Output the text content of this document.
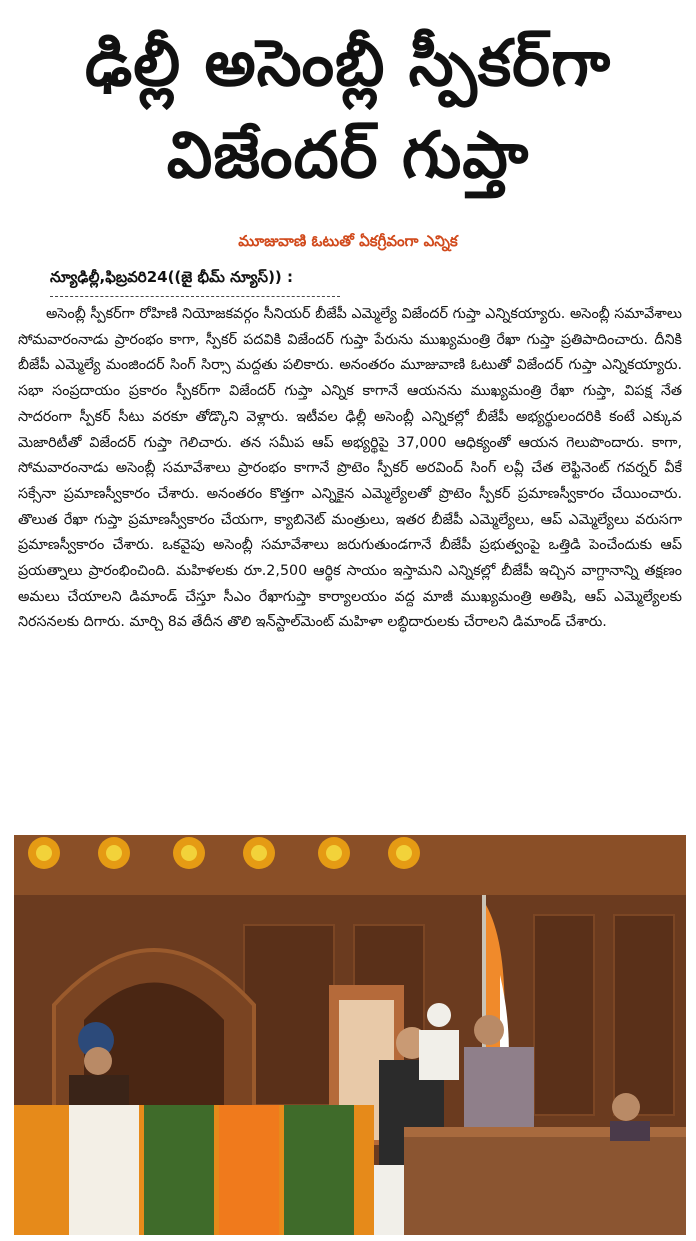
ఢిల్లీ అసెంబ్లీ స్పీకర్‌గా
విజేందర్ గుప్తా
మూజువాణి ఓటుతో ఏకగ్రీవంగా ఎన్నిక
న్యూఢిల్లీ,ఫిబ్రవరి24((జై భీమ్ న్యూస్)) :

అసెంబ్లీ స్పీకర్‌గా రోహిణి నియోజకవర్గం సీనియర్ బీజేపీ ఎమ్మెల్యే విజేందర్ గుప్తా ఎన్నికయ్యారు. అసెంబ్లీ సమావేశాలు సోమవారంనాడు ప్రారంభం కాగా, స్పీకర్ పదవికి విజేందర్ గుప్తా పేరును ముఖ్యమంత్రి రేఖా గుప్తా ప్రతిపాదించారు. దీనికి బీజేపీ ఎమ్మెల్యే మంజిందర్ సింగ్ సిర్సా మద్దతు పలికారు. అనంతరం మూజువాణి ఓటుతో విజేందర్ గుప్తా ఎన్నికయ్యారు. సభా సంప్రదాయం ప్రకారం స్పీకర్‌గా విజేందర్ గుప్తా ఎన్నిక కాగానే ఆయనను ముఖ్యమంత్రి రేఖా గుప్తా, విపక్ష నేత సాదరంగా స్పీకర్ సీటు వరకూ తోడ్కొని వెళ్లారు. ఇటీవల ఢిల్లీ అసెంబ్లీ ఎన్నికల్లో బీజేపీ అభ్యర్థులందరికి కంటే ఎక్కువ మెజారిటీతో విజేందర్ గుప్తా గెలిచారు. తన సమీప ఆప్ అభ్యర్థిపై 37,000 ఆధిక్యంతో ఆయన గెలుపొందారు. కాగా, సోమవారంనాడు అసెంబ్లీ సమావేశాలు ప్రారంభం కాగానే ప్రొటెం స్పీకర్ అరవింద్ సింగ్ లవ్లీ చేత లెఫ్టినెంట్ గవర్నర్ వీకే సక్సేనా ప్రమాణస్వీకారం చేశారు. అనంతరం కొత్తగా ఎన్నికైన ఎమ్మెల్యేలతో ప్రొటెం స్పీకర్ ప్రమాణస్వీకారం చేయించారు. తొలుత రేఖా గుప్తా ప్రమాణస్వీకారం చేయగా, క్యాబినెట్ మంత్రులు, ఇతర బీజేపీ ఎమ్మెల్యేలు, ఆప్ ఎమ్మెల్యేలు వరుసగా ప్రమాణస్వీకారం చేశారు. ఒకవైపు అసెంబ్లీ సమావేశాలు జరుగుతుండగానే బీజేపీ ప్రభుత్వంపై ఒత్తిడి పెంచేందుకు ఆప్ ప్రయత్నాలు ప్రారంభించింది. మహిళలకు రూ.2,500 ఆర్థిక సాయం ఇస్తామని ఎన్నికల్లో బీజేపీ ఇచ్చిన వాగ్దానాన్ని తక్షణం అమలు చేయాలని డిమాండ్ చేస్తూ సీఎం రేఖాగుప్తా కార్యాలయం వద్ద మాజీ ముఖ్యమంత్రి అతిషి, ఆప్ ఎమ్మెల్యేలకు నిరసనలకు దిగారు. మార్చి 8వ తేదీన తొలి ఇన్‌స్టాల్‌మెంట్ మహిళా లబ్ధిదారులకు చేరాలని డిమాండ్ చేశారు.
